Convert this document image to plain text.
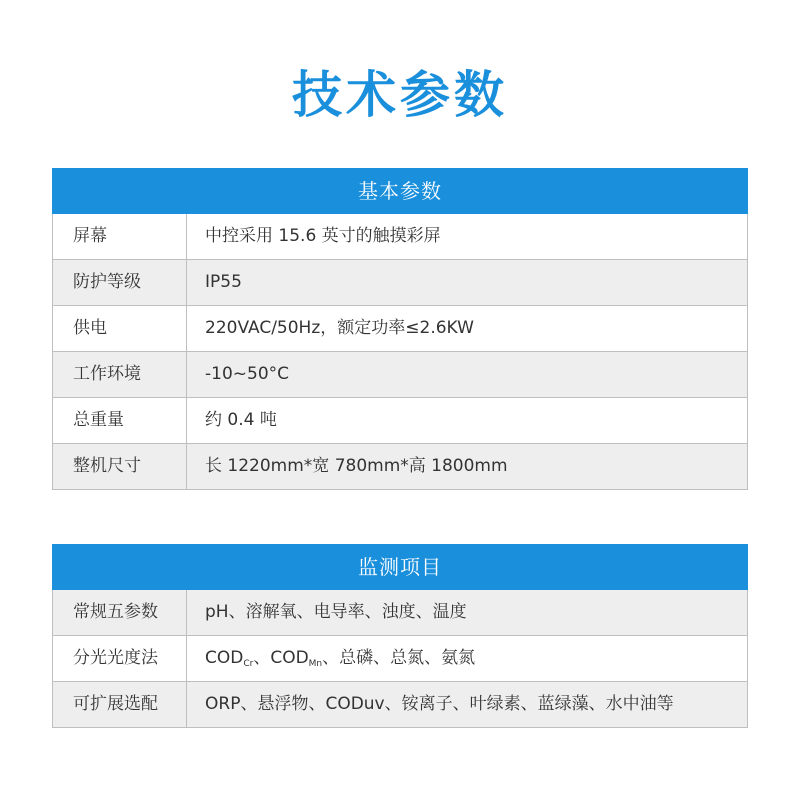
技术参数
基本参数
屏幕	中控采用 15.6 英寸的触摸彩屏
防护等级	IP55
供电	220VAC/50Hz，额定功率≤2.6KW
工作环境	-10~50°C
总重量	约 0.4 吨
整机尺寸	长 1220mm*宽 780mm*高 1800mm
监测项目
常规五参数	pH、溶解氧、电导率、浊度、温度
分光光度法	$COD_{Cr}$、$COD_{Mn}$、总磷、总氮、氨氮
可扩展选配	ORP、悬浮物、CODuv、铵离子、叶绿素、蓝绿藻、水中油等
